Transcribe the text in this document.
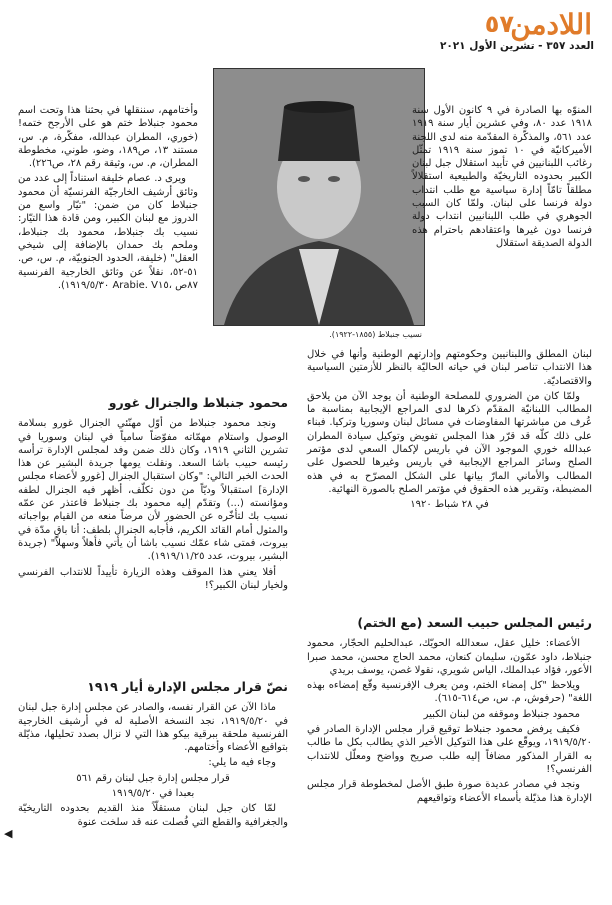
اللادمن
٥٧
العدد ٣٥٧ - تشرين الأول ٢٠٢١
نسيب جنبلاط (١٨٥٥-١٩٢٢).

المنوّه بها الصادرة في ٩ كانون الأول سنة ١٩١٨ عدد ٨٠، وفي عشرين أيار سنة ١٩١٩ عدد ٥٦١، والمذكّرة المقدّمة منه لدى اللجنة الأميركانيّة في ١٠ تموز سنة ١٩١٩ تمثّل رغائب اللبنانيين في تأييد استقلال جبل لبنان الكبير بحدوده التاريخيّة والطبيعية استقلالاً مطلقاً تامّاً إدارة سياسية مع طلب انتداب دولة فرنسا على لبنان. ولمّا كان السبب الجوهري في طلب اللبنانيين انتداب دولة فرنسا دون غيرها واعتقادهم باحترام هذه الدولة الصديقة استقلال

وأختامهم، سننقلها في بحثنا هذا وتحت اسم محمود جنبلاط ختم هو على الأرجح ختمه!(خوري، المطران عبدالله، مفكّرة، م. س، مستند ١٣، ص١٨٩، وضو، طوني، مخطوطة المطران، م. س، وثيقة رقم ٢٨، ص٢٢٦).

ويرى د. عصام خليفة استناداً إلى عدد من وثائق أرشيف الخارجيّة الفرنسيّة أن محمود جنبلاط كان من ضمن: "تيّار واسع من الدروز مع لبنان الكبير، ومن قادة هذا التيّار: نسيب بك جنبلاط، محمود بك جنبلاط، وملحم بك حمدان بالإضافة إلى شيخي العقل" (خليفة، الحدود الجنوبيّة، م. س، ص. ٥١-٥٢، نقلاً عن وثائق الخارجية الفرنسية ٨٧ص ،Arabie. V١٥ ١٩١٩/٥/٣٠).

لبنان المطلق واللبنانيين وحكومتهم وإدارتهم الوطنية وأنها في خلال هذا الانتداب تناصر لبنان في حياته الحاليّة بالنظر للأزمتين السياسية والاقتصاديّة.

ولمّا كان من الضروري للمصلحة الوطنية أن يوجد الآن من يلاحق المطالب اللبنانيّة المقدّم ذكرها لدى المراجع الإيجابية بمناسبة ما عُرف من مباشرتها المفاوضات في مسائل لبنان وسوريا وتركيا. فبناء على ذلك كلّه قد قرّر هذا المجلس تفويض وتوكيل سيادة المطران عبدالله خوري الموجود الآن في باريس لإكمال السعي لدى مؤتمر الصلح وسائر المراجع الإيجابية في باريس وغيرها للحصول على المطالب والأماني المارّ بيانها على الشكل المصرّح به في هذه المضبطة، وتقرير هذه الحقوق في مؤتمر الصلح بالصورة النهائية.

في ٢٨ شباط ١٩٢٠

محمود جنبلاط والجنرال غورو

ونجد محمود جنبلاط من أوّل مهنّئي الجنرال غورو بسلامة الوصول واستلام مهمّاته مفوّضاً سامياً في لبنان وسوريا في تشرين الثاني ١٩١٩، وكان ذلك ضمن وفد لمجلس الإدارة ترأسه رئيسه حبيب باشا السعد. ونقلت يومها جريدة البشير عن هذا الحدث الخبر التالي: "وكان استقبال الجنرال [غورو لأعضاء مجلس الإدارة] استقبالاً وديّاً من دون تكلّف، أظهر فيه الجنرال لطفه ومؤانسته (...) وتقدّم إليه محمود بك جنبلاط فاعتذر عن عمّه نسيب بك لتأخّره عن الحضور لأن مرضاً منعه من القيام بواجباته والمثول أمام القائد الكريم، فأجابه الجنرال بلطف: أنا باقٍ مدّة في بيروت، فمتى شاء عمّك نسيب باشا أن يأتي فأهلاً وسهلاً" (جريدة البشير، بيروت، عدد ١٩١٩/١١/٢٥).

أفلا يعني هذا الموقف وهذه الزيارة تأييداً للانتداب الفرنسي ولخيار لبنان الكبير؟!

رئيس المجلس حبيب السعد (مع الختم)

الأعضاء: خليل عقل، سعدالله الحويّك، عبدالحليم الحجّار، محمود جنبلاط، داود عمّون، سليمان كنعان، محمد الحاج محسن، محمد صبرا الأعور، فؤاد عبدالملك، الياس شويري، نقولا غصن، يوسف بريدي

ويلاحظ "كل إمضاء الختم، ومن يعرف الإفرنسية وقّع إمضاءه بهذه اللغة" (حرفوش، م. س، ص٦١٤-٦١٥).

محمود جنبلاط وموقفه من لبنان الكبير

فكيف يرفض محمود جنبلاط توقيع قرار مجلس الإدارة الصادر في ١٩١٩/٥/٢٠، ويوقّع على هذا التوكيل الأخير الذي يطالب بكل ما طالب به القرار المذكور مضافاً إليه طلب صريح وواضح ومعلّل للانتداب الفرنسي؟!

ونجد في مصادر عديدة صورة طبق الأصل لمخطوطة قرار مجلس الإدارة هذا مذيّلة بأسماء الأعضاء وتواقيعهم

نصّ قرار مجلس الإدارة أيار ١٩١٩

ماذا الآن عن القرار نفسه، والصادر عن مجلس إدارة جبل لبنان في ١٩١٩/٥/٢٠، نجد النسخة الأصلية له في أرشيف الخارجية الفرنسية ملحقة ببرقية بيكو هذا التي لا نزال بصدد تحليلها، مذيّلة بتواقيع الأعضاء وأختامهم.

وجاء فيه ما يلي:

قرار مجلس إدارة جبل لبنان رقم ٥٦١

بعبدا في ١٩١٩/٥/٢٠

لمّا كان جبل لبنان مستقلّاً منذ القديم بحدوده التاريخيّة والجغرافية والقطع التي فُصلت عنه قد سلخت عنوة

◀
